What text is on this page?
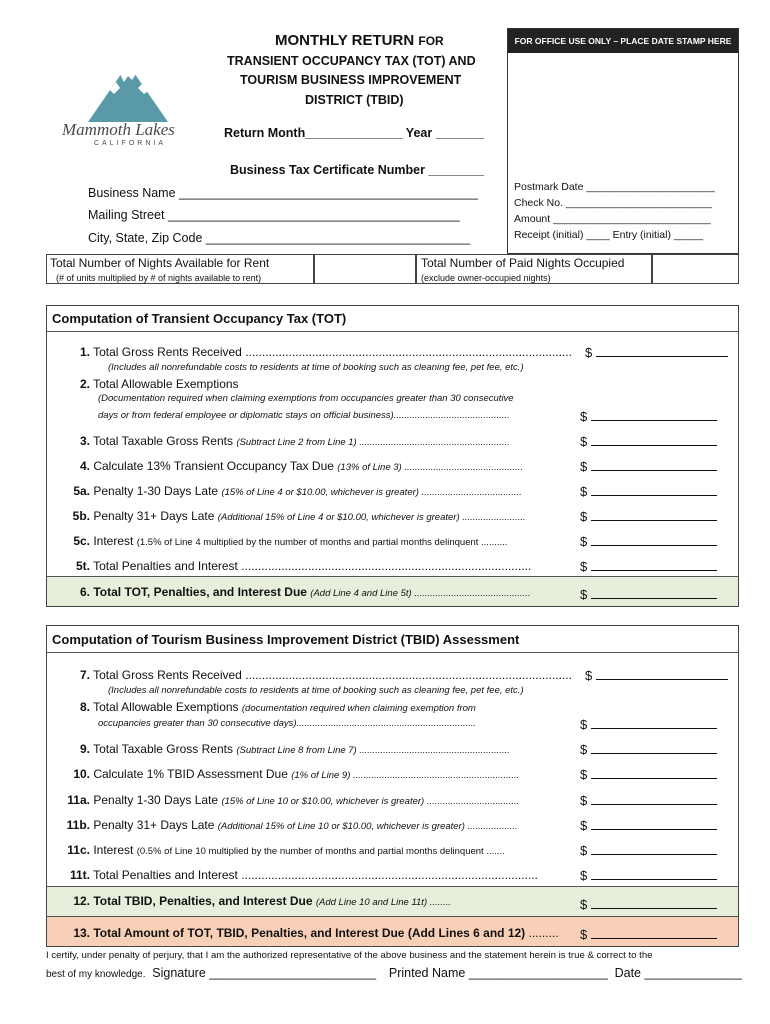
Mammoth Lakes
CALIFORNIA
MONTHLY RETURN FOR
TRANSIENT OCCUPANCY TAX (TOT) AND
TOURISM BUSINESS IMPROVEMENT
DISTRICT (TBID)
Return Month______________ Year _______
Business Tax Certificate Number ________
FOR OFFICE USE ONLY – PLACE DATE STAMP HERE
Postmark Date ______________________
Check No. _________________________
Amount ___________________________
Receipt (initial) ____ Entry (initial) _____
Business Name ___________________________________________
Mailing Street __________________________________________
City, State, Zip Code ______________________________________
Total Number of Nights Available for Rent
(# of units multiplied by # of nights available to rent)
Total Number of Paid Nights Occupied
(exclude owner-occupied nights)
Computation of Transient Occupancy Tax (TOT)
1. Total Gross Rents Received ..................................................................................................
(Includes all nonrefundable costs to residents at time of booking such as cleaning fee, pet fee, etc.)
2. Total Allowable Exemptions
(Documentation required when claiming exemptions from occupancies greater than 30 consecutive
days or from federal employee or diplomatic stays on official business)............................................
3. Total Taxable Gross Rents (Subtract Line 2 from Line 1) .........................................................
4. Calculate 13% Transient Occupancy Tax Due (13% of Line 3) .............................................
5a. Penalty 1-30 Days Late (15% of Line 4 or $10.00, whichever is greater) ......................................
5b. Penalty 31+ Days Late (Additional 15% of Line 4 or $10.00, whichever is greater) ........................
5c. Interest (1.5% of Line 4 multiplied by the number of months and partial months delinquent ..........
5t. Total Penalties and Interest .......................................................................................
6. Total TOT, Penalties, and Interest Due (Add Line 4 and Line 5t) ............................................
$
$
$
$
$
$
$
$
$
Computation of Tourism Business Improvement District (TBID) Assessment
7. Total Gross Rents Received ..................................................................................................
(Includes all nonrefundable costs to residents at time of booking such as cleaning fee, pet fee, etc.)
8. Total Allowable Exemptions (documentation required when claiming exemption from
occupancies greater than 30 consecutive days)....................................................................
9. Total Taxable Gross Rents (Subtract Line 8 from Line 7) .........................................................
10. Calculate 1% TBID Assessment Due (1% of Line 9) ...............................................................
11a. Penalty 1-30 Days Late (15% of Line 10 or $10.00, whichever is greater) ...................................
11b. Penalty 31+ Days Late (Additional 15% of Line 10 or $10.00, whichever is greater) ...................
11c. Interest (0.5% of Line 10 multiplied by the number of months and partial months delinquent .......
11t. Total Penalties and Interest .........................................................................................
12. Total TBID, Penalties, and Interest Due (Add Line 10 and Line 11t) ........
13. Total Amount of TOT, TBID, Penalties, and Interest Due (Add Lines 6 and 12) .........
$
$
$
$
$
$
$
$
$
$
I certify, under penalty of perjury, that I am the authorized representative of the above business and the statement herein is true & correct to the
best of my knowledge. Signature ________________________ Printed Name ____________________ Date ______________
